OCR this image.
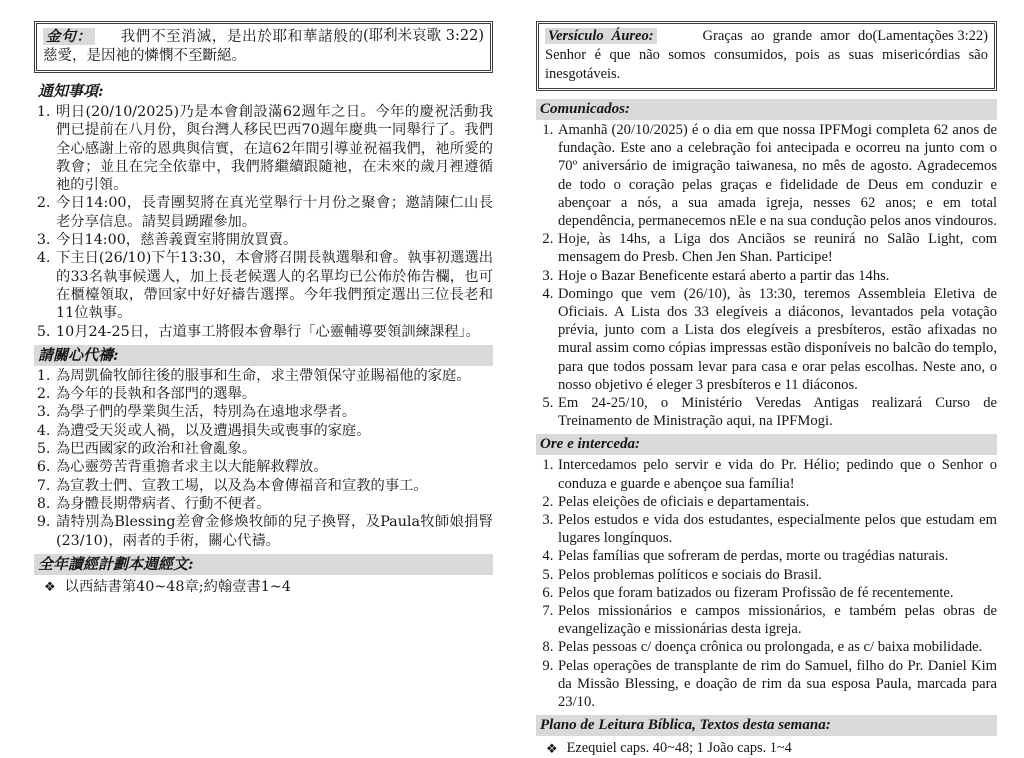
金句：	(耶利米哀歌 3:22)
我們不至消滅，是出於耶和華諸般的慈愛，是因祂的憐憫不至斷絕。
通知事項:
1. 明日(20/10/2025)乃是本會創設滿62週年之日。今年的慶祝活動我們已提前在八月份，與台灣人移民巴西70週年慶典一同舉行了。我們全心感謝上帝的恩典與信實，在這62年間引導並祝福我們，祂所愛的教會；並且在完全依靠中，我們將繼續跟隨祂，在未來的歲月裡遵循祂的引領。
2. 今日14:00，長青團契將在真光堂舉行十月份之聚會；邀請陳仁山長老分享信息。請契員踴躍參加。
3. 今日14:00，慈善義賣室將開放買賣。
4. 下主日(26/10)下午13:30，本會將召開長執選舉和會。執事初選選出的33名執事候選人，加上長老候選人的名單均已公佈於佈告欄，也可在櫃檯領取，帶回家中好好禱告選擇。今年我們預定選出三位長老和11位執事。
5. 10月24-25日，古道事工將假本會舉行「心靈輔導要領訓練課程」。
請關心代禱:
1. 為周凱倫牧師往後的服事和生命，求主帶領保守並賜福他的家庭。
2. 為今年的長執和各部門的選舉。
3. 為學子們的學業與生活，特別為在遠地求學者。
4. 為遭受天災或人禍，以及遭遇損失或喪事的家庭。
5. 為巴西國家的政治和社會亂象。
6. 為心靈勞苦背重擔者求主以大能解救釋放。
7. 為宣教士們、宣教工場，以及為本會傳福音和宣教的事工。
8. 為身體長期帶病者、行動不便者。
9. 請特別為Blessing差會金修煥牧師的兒子換腎，及Paula牧師娘捐腎(23/10)，兩者的手術，關心代禱。
全年讀經計劃本週經文:
❖ 以西結書第40~48章;約翰壹書1~4
Versículo Áureo:	(Lamentações 3:22)
Graças ao grande amor do Senhor é que não somos consumidos, pois as suas misericórdias são inesgotáveis.
Comunicados:
1. Amanhã (20/10/2025) é o dia em que nossa IPFMogi completa 62 anos de fundação. Este ano a celebração foi antecipada e ocorreu na junto com o 70º aniversário de imigração taiwanesa, no mês de agosto. Agradecemos de todo o coração pelas graças e fidelidade de Deus em conduzir e abençoar a nós, a sua amada igreja, nesses 62 anos; e em total dependência, permanecemos nEle e na sua condução pelos anos vindouros.
2. Hoje, às 14hs, a Liga dos Anciãos se reunirá no Salão Light, com mensagem do Presb. Chen Jen Shan. Participe!
3. Hoje o Bazar Beneficente estará aberto a partir das 14hs.
4. Domingo que vem (26/10), às 13:30, teremos Assembleia Eletiva de Oficiais. A Lista dos 33 elegíveis a diáconos, levantados pela votação prévia, junto com a Lista dos elegíveis a presbíteros, estão afixadas no mural assim como cópias impressas estão disponíveis no balcão do templo, para que todos possam levar para casa e orar pelas escolhas. Neste ano, o nosso objetivo é eleger 3 presbíteros e 11 diáconos.
5. Em 24-25/10, o Ministério Veredas Antigas realizará Curso de Treinamento de Ministração aqui, na IPFMogi.
Ore e interceda:
1. Intercedamos pelo servir e vida do Pr. Hélio; pedindo que o Senhor o conduza e guarde e abençoe sua família!
2. Pelas eleições de oficiais e departamentais.
3. Pelos estudos e vida dos estudantes, especialmente pelos que estudam em lugares longínquos.
4. Pelas famílias que sofreram de perdas, morte ou tragédias naturais.
5. Pelos problemas políticos e sociais do Brasil.
6. Pelos que foram batizados ou fizeram Profissão de fé recentemente.
7. Pelos missionários e campos missionários, e também pelas obras de evangelização e missionárias desta igreja.
8. Pelas pessoas c/ doença crônica ou prolongada, e as c/ baixa mobilidade.
9. Pelas operações de transplante de rim do Samuel, filho do Pr. Daniel Kim da Missão Blessing, e doação de rim da sua esposa Paula, marcada para 23/10.
Plano de Leitura Bíblica, Textos desta semana:
❖ Ezequiel caps. 40~48; 1 João caps. 1~4
